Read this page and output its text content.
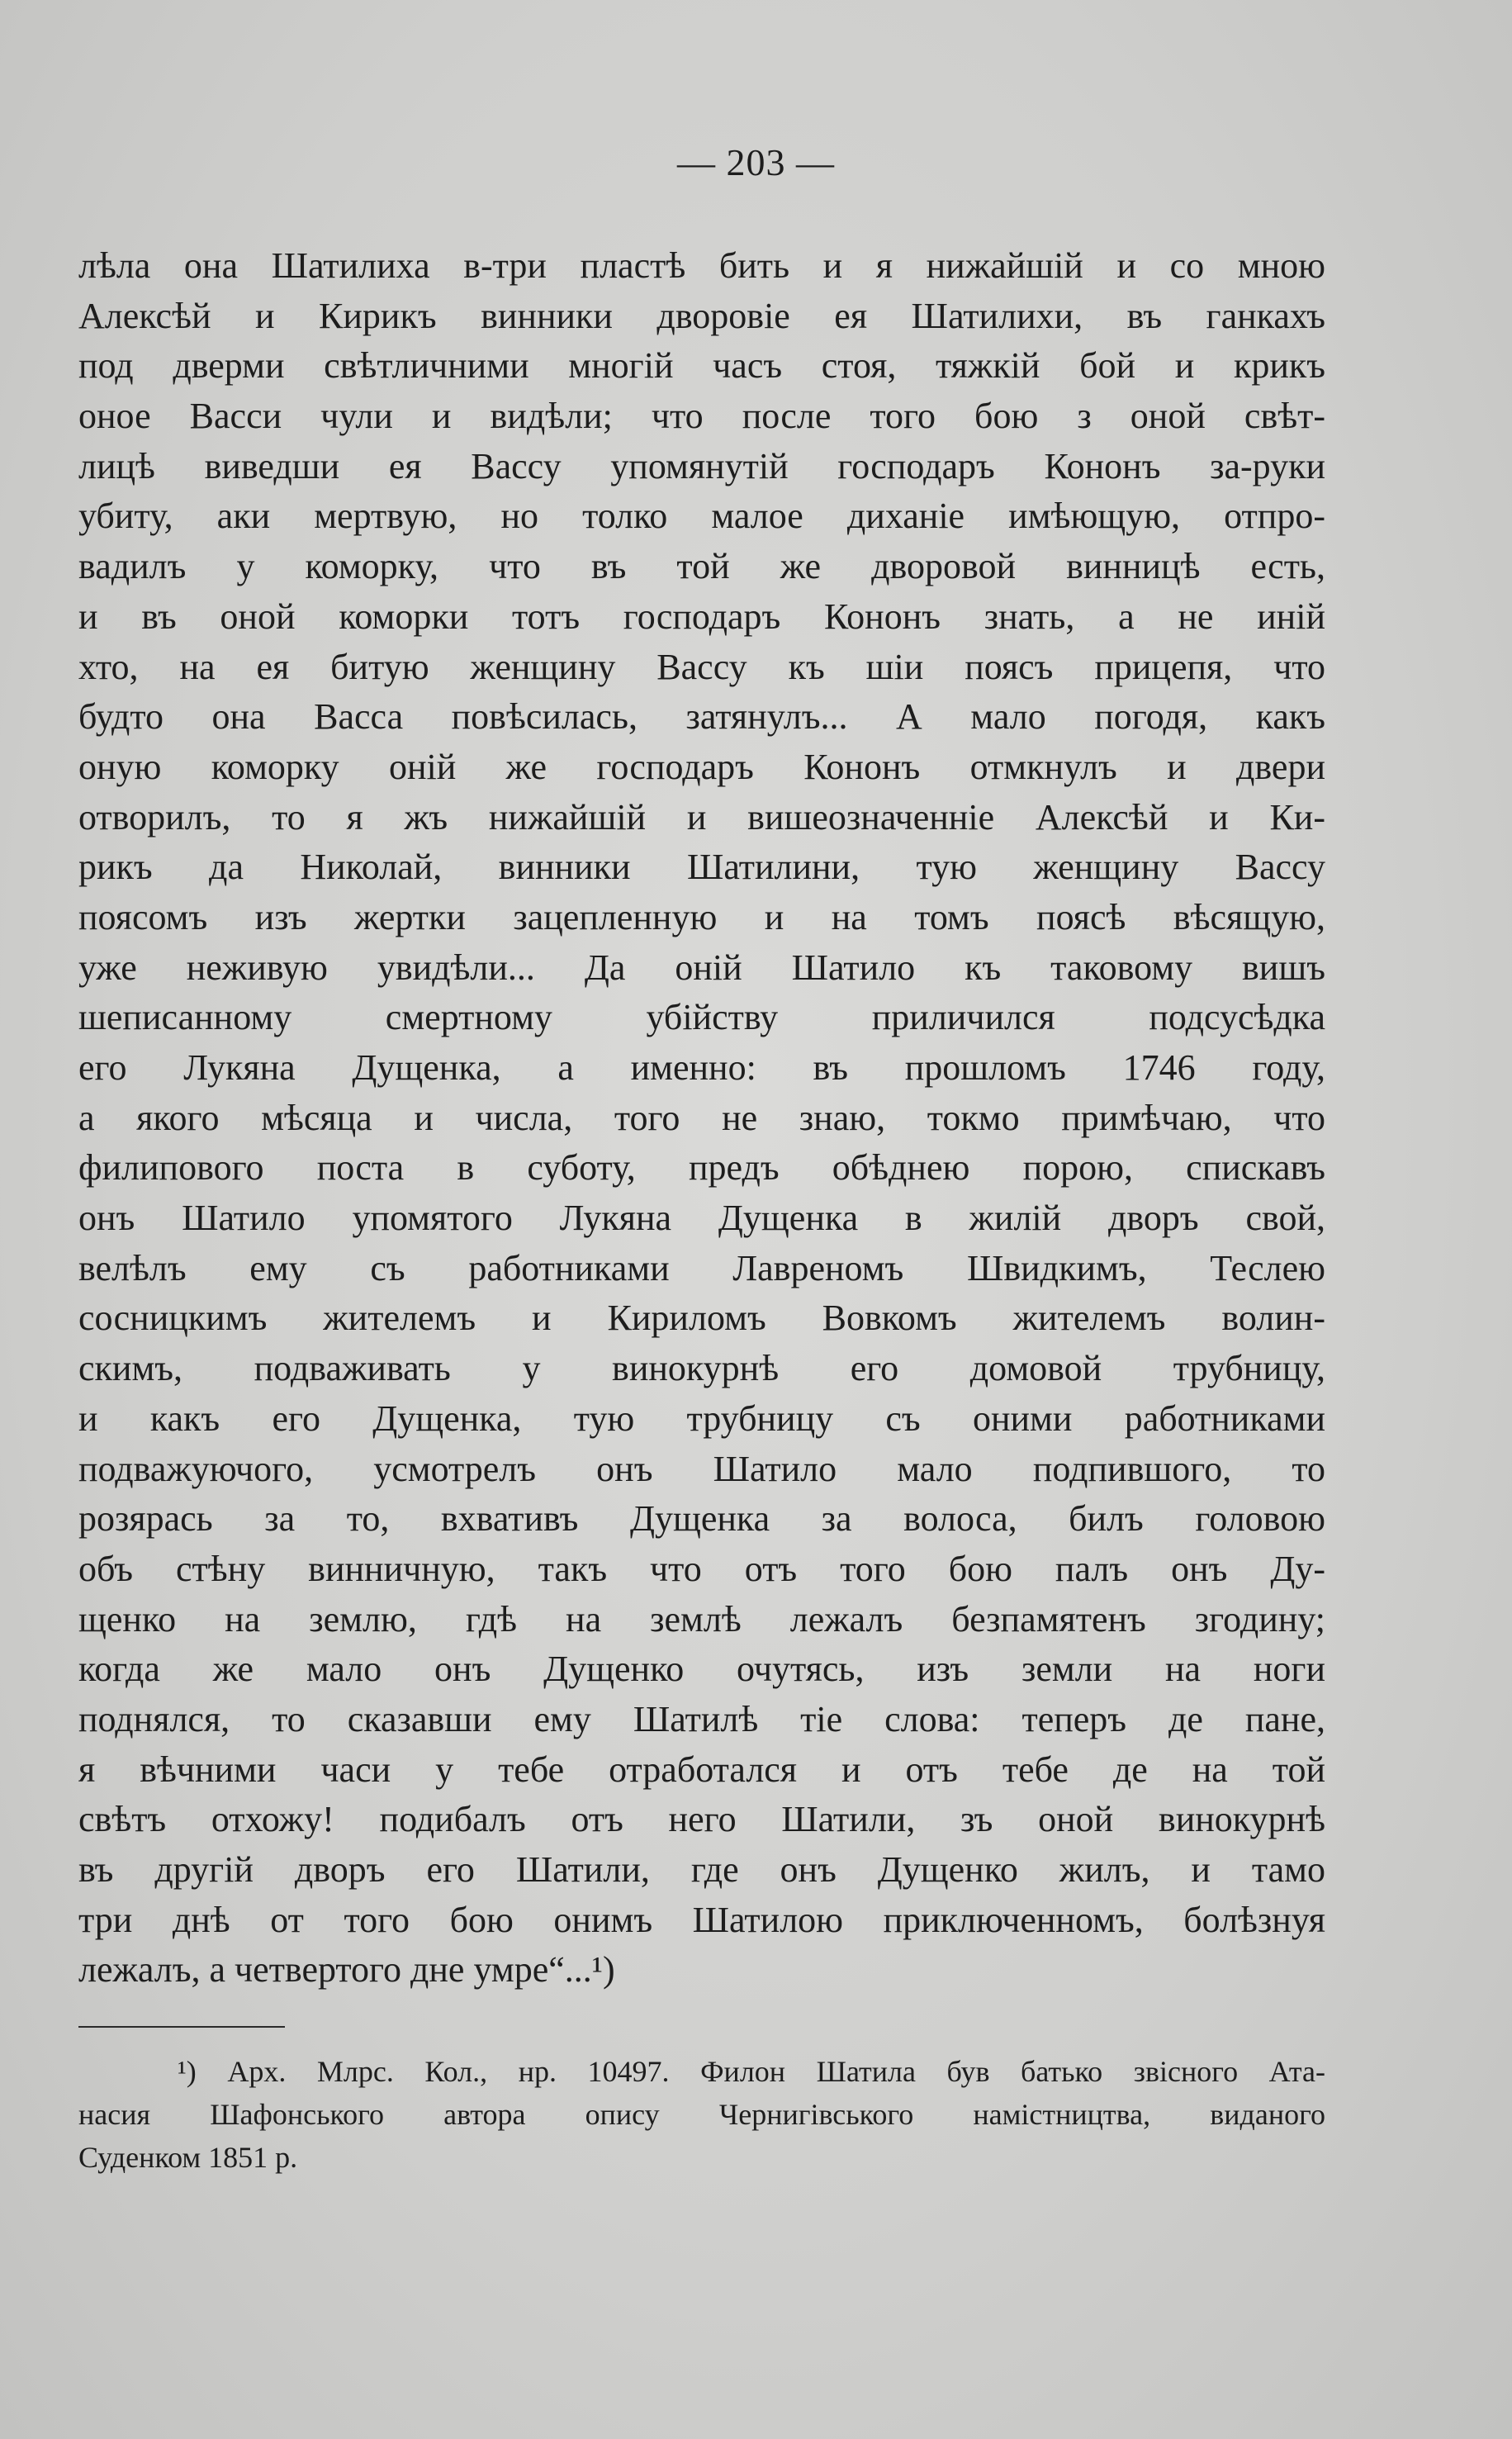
— 203 —
лѣла она Шатилиха в-три пластѣ бить и я нижайшій и со мною
Алексѣй и Кирикъ винники дворовіе ея Шатилихи, въ ганкахъ
под дверми свѣтличними многій часъ стоя, тяжкій бой и крикъ
оное Васси чули и видѣли; что после того бою з оной свѣт-
лицѣ виведши ея Вассу упомянутій господаръ Кононъ за-руки
убиту, аки мертвую, но толко малое диханіе имѣющую, отпро-
вадилъ у коморку, что въ той же дворовой винницѣ есть,
и въ оной коморки тотъ господаръ Кононъ знать, а не иній
хто, на ея битую женщину Вассу къ шіи поясъ прицепя, что
будто она Васса повѣсилась, затянулъ... А мало погодя, какъ
оную коморку оній же господаръ Кононъ отмкнулъ и двери
отворилъ, то я жъ нижайшій и вишеозначенніе Алексѣй и Ки-
рикъ да Николай, винники Шатилини, тую женщину Вассу
поясомъ изъ жертки зацепленную и на томъ поясѣ вѣсящую,
уже неживую увидѣли... Да оній Шатило къ таковому вишъ
шеписанному смертному убійству приличился подсусѣдка
его Лукяна Дущенка, а именно: въ прошломъ 1746 году,
а якого мѣсяца и числа, того не знаю, токмо примѣчаю, что
филипового поста в суботу, предъ обѣднею порою, спискавъ
онъ Шатило упомятого Лукяна Дущенка в жилій дворъ свой,
велѣлъ ему съ работниками Лавреномъ Швидкимъ, Теслею
сосницкимъ жителемъ и Кириломъ Вовкомъ жителемъ волин-
скимъ, подваживать у винокурнѣ его домовой трубницу,
и какъ его Дущенка, тую трубницу съ оними работниками
подважуючого, усмотрелъ онъ Шатило мало подпившого, то
розярась за то, вхвативъ Дущенка за волоса, билъ головою
объ стѣну винничную, такъ что отъ того бою палъ онъ Ду-
щенко на землю, гдѣ на землѣ лежалъ безпамятенъ згодину;
когда же мало онъ Дущенко очутясь, изъ земли на ноги
поднялся, то сказавши ему Шатилѣ тіе слова: теперъ де пане,
я вѣчними часи у тебе отработался и отъ тебе де на той
свѣтъ отхожу! подибалъ отъ него Шатили, зъ оной винокурнѣ
въ другій дворъ его Шатили, где онъ Дущенко жилъ, и тамо
три днѣ от того бою онимъ Шатилою приключенномъ, болѣзнуя
лежалъ, а четвертого дне умре“...¹)
¹) Арх. Млрс. Кол., нр. 10497. Филон Шатила був батько звісного Ата-
насия Шафонського автора опису Чернигівського намістництва, виданого
Суденком 1851 р.
